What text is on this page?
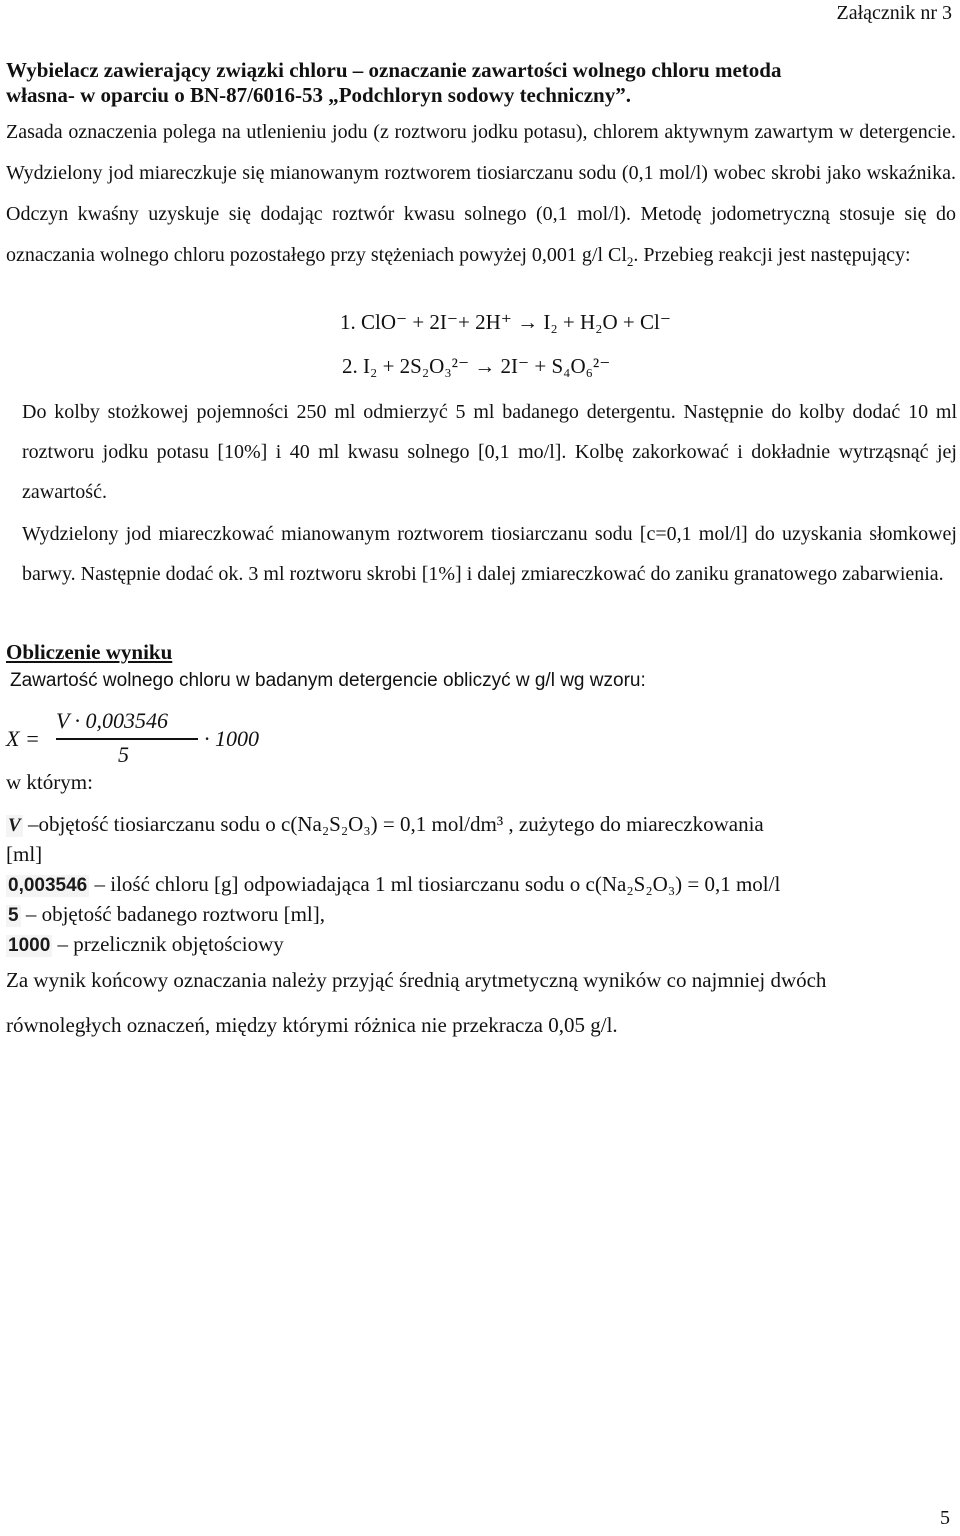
Załącznik nr 3
Wybielacz zawierający związki chloru – oznaczanie zawartości wolnego chloru metoda
własna- w oparciu o BN-87/6016-53 „Podchloryn sodowy techniczny”.
Zasada oznaczenia polega na utlenieniu jodu (z roztworu jodku potasu), chlorem aktywnym zawartym w detergencie. Wydzielony jod miareczkuje się mianowanym roztworem tiosiarczanu sodu (0,1 mol/l) wobec skrobi jako wskaźnika. Odczyn kwaśny uzyskuje się dodając roztwór kwasu solnego (0,1 mol/l). Metodę jodometryczną stosuje się do oznaczania wolnego chloru pozostałego przy stężeniach powyżej 0,001 g/l $Cl_2$. Przebieg reakcji jest następujący:
1. ClO⁻ + 2I⁻+ 2H⁺ → I₂ + H₂O + Cl⁻
2. I₂ + 2S₂O₃²⁻ → 2I⁻ + S₄O₆²⁻

Do kolby stożkowej pojemności 250 ml odmierzyć 5 ml badanego detergentu. Następnie do kolby dodać 10 ml roztworu jodku potasu [10%] i 40 ml kwasu solnego [0,1 mo/l]. Kolbę zakorkować i dokładnie wytrząsnąć jej zawartość.

Wydzielony jod miareczkować mianowanym roztworem tiosiarczanu sodu [c=0,1 mol/l] do uzyskania słomkowej barwy. Następnie dodać ok. 3 ml roztworu skrobi [1%] i dalej zmiareczkować do zaniku granatowego zabarwienia.

Obliczenie wyniku
Zawartość wolnego chloru w badanym detergencie obliczyć w g/l wg wzoru:
X =
V · 0,003546
5
· 1000
w którym:
V –objętość tiosiarczanu sodu o c(Na₂S₂O₃) = 0,1 mol/dm³ , zużytego do miareczkowania
[ml]
0,003546 – ilość chloru [g] odpowiadająca 1 ml tiosiarczanu sodu o c(Na₂S₂O₃) = 0,1 mol/l
5 – objętość badanego roztworu [ml],
1000 – przelicznik objętościowy
Za wynik końcowy oznaczania należy przyjąć średnią arytmetyczną wyników co najmniej dwóch równoległych oznaczeń, między którymi różnica nie przekracza 0,05 g/l.
5
